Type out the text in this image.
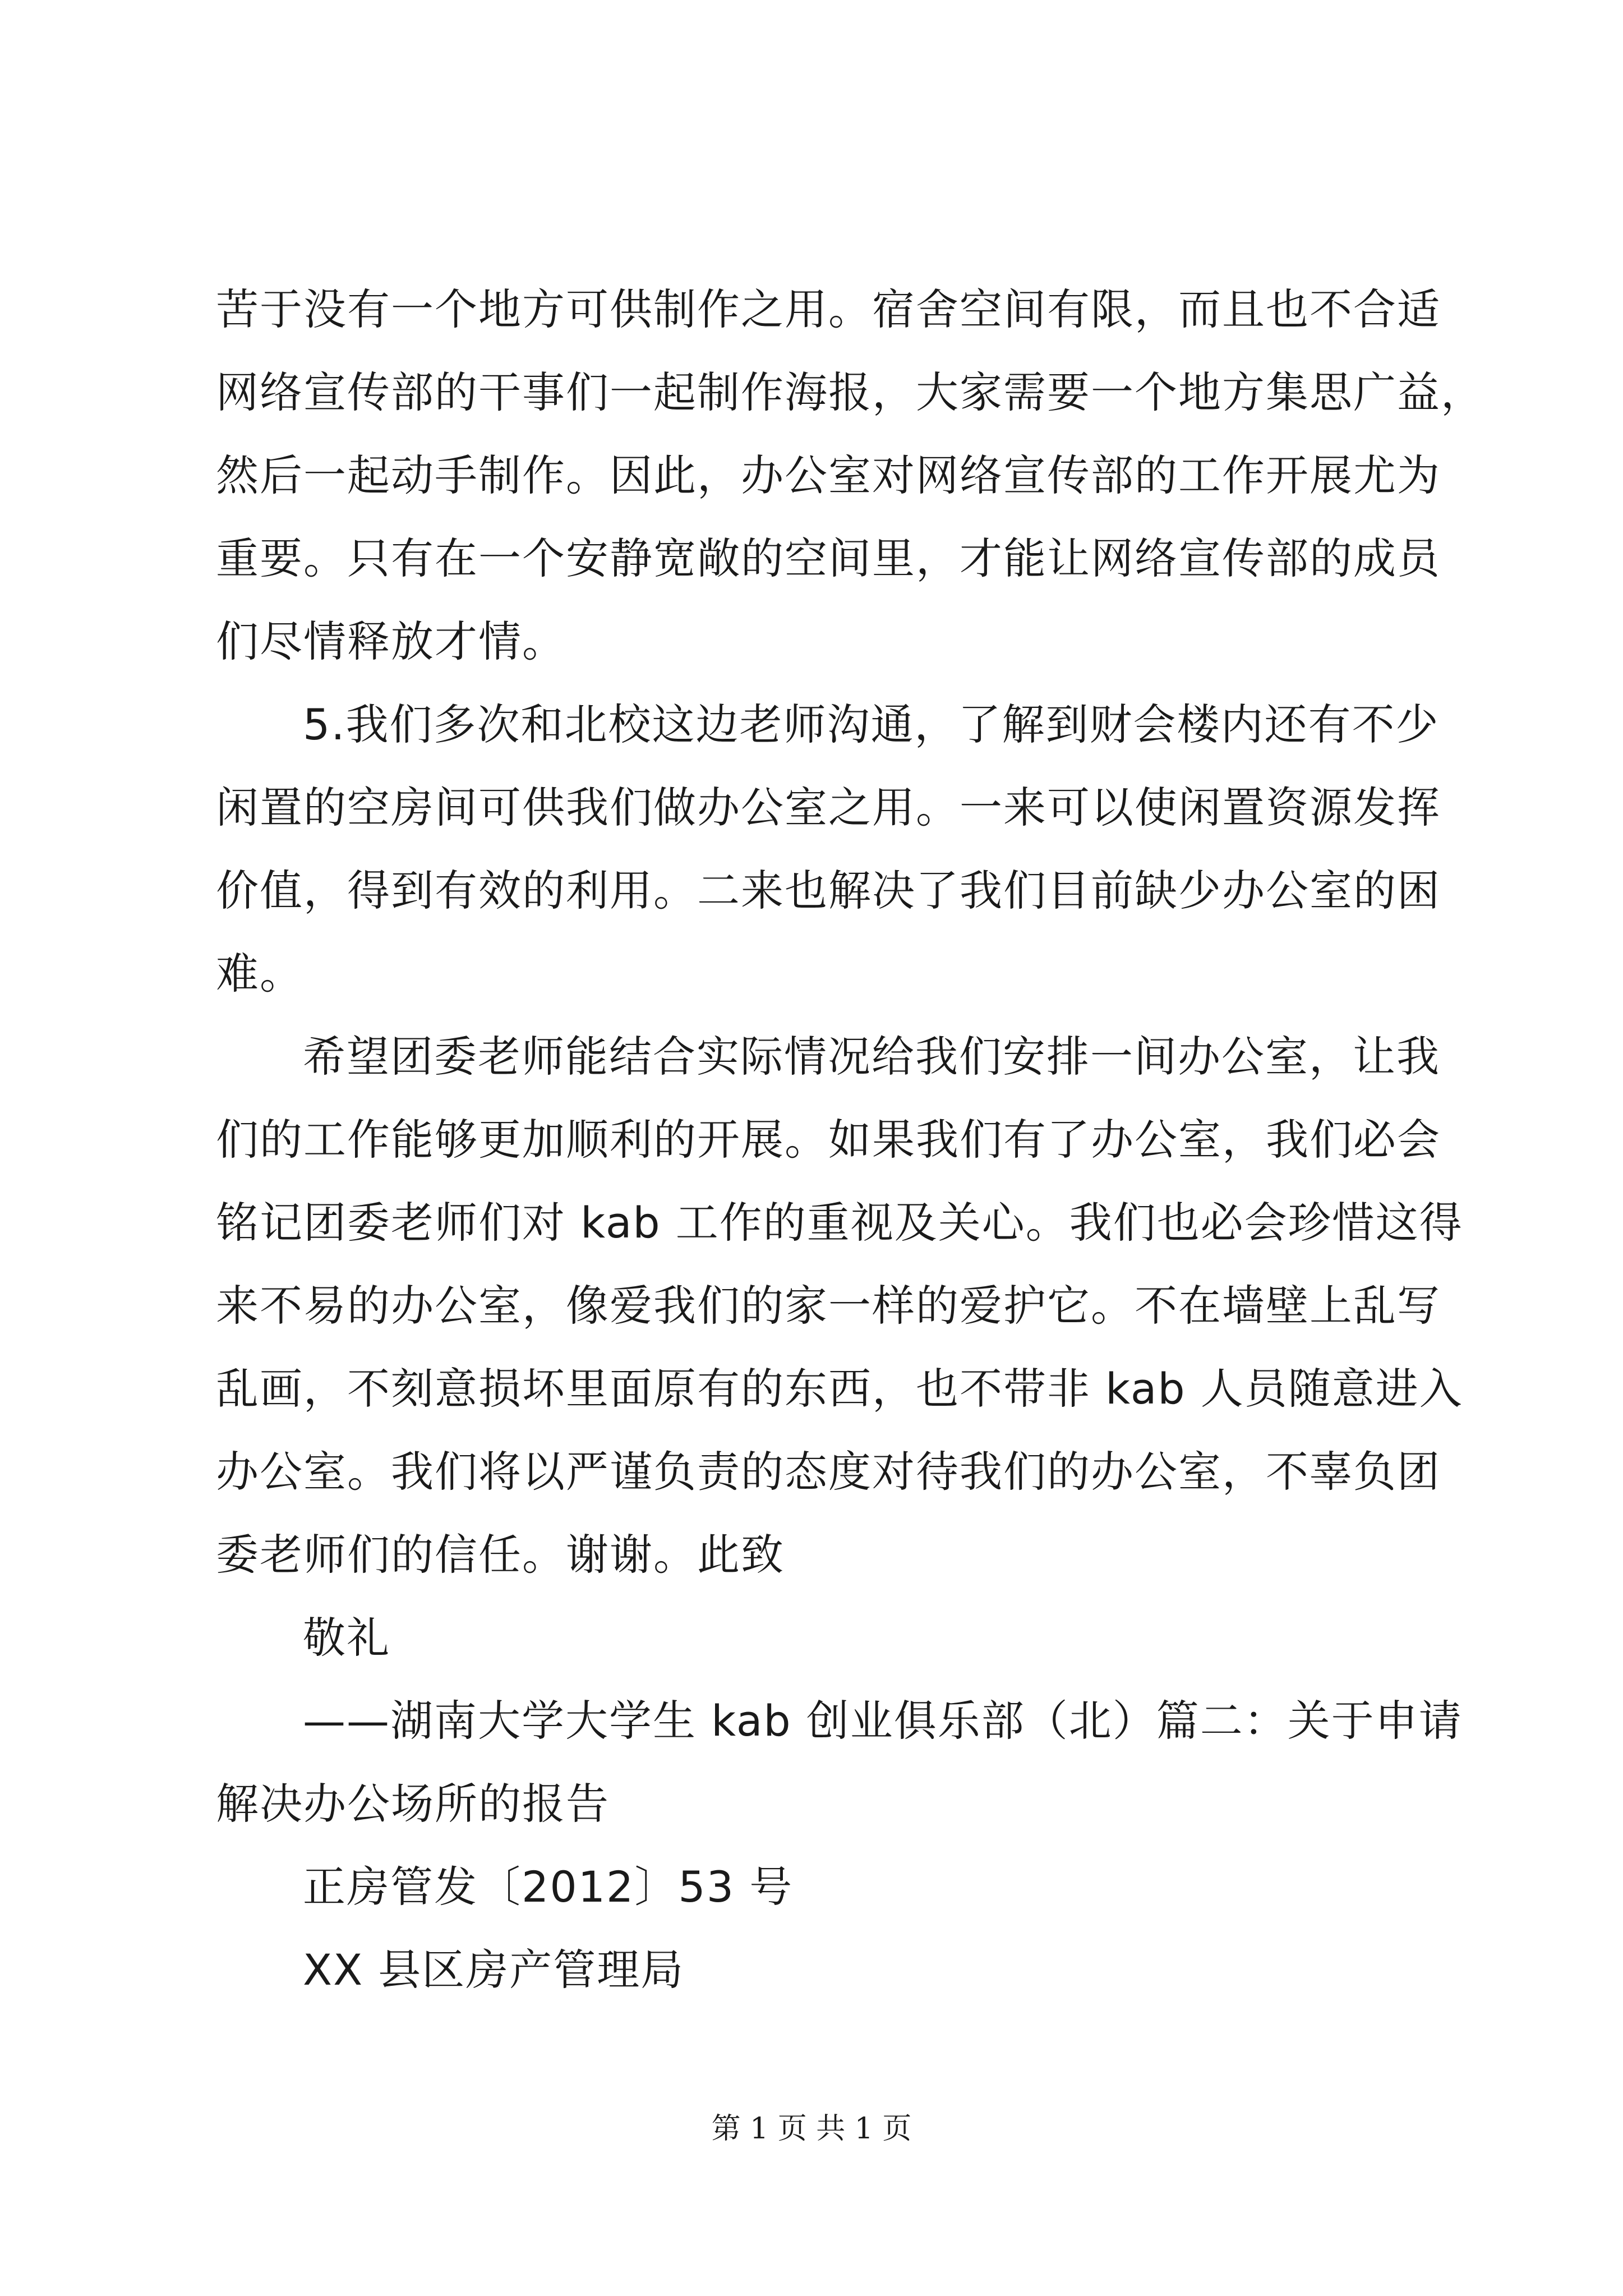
苦于没有一个地方可供制作之用。宿舍空间有限，而且也不合适
网络宣传部的干事们一起制作海报，大家需要一个地方集思广益，
然后一起动手制作。因此，办公室对网络宣传部的工作开展尤为
重要。只有在一个安静宽敞的空间里，才能让网络宣传部的成员
们尽情释放才情。
5.我们多次和北校这边老师沟通，了解到财会楼内还有不少
闲置的空房间可供我们做办公室之用。一来可以使闲置资源发挥
价值，得到有效的利用。二来也解决了我们目前缺少办公室的困
难。
希望团委老师能结合实际情况给我们安排一间办公室，让我
们的工作能够更加顺利的开展。如果我们有了办公室，我们必会
铭记团委老师们对 kab 工作的重视及关心。我们也必会珍惜这得
来不易的办公室，像爱我们的家一样的爱护它。不在墙壁上乱写
乱画，不刻意损坏里面原有的东西，也不带非 kab 人员随意进入
办公室。我们将以严谨负责的态度对待我们的办公室，不辜负团
委老师们的信任。谢谢。此致
敬礼
——湖南大学大学生 kab 创业俱乐部（北）篇二：关于申请
解决办公场所的报告
正房管发〔2012〕53 号
XX 县区房产管理局
第 1 页 共 1 页
